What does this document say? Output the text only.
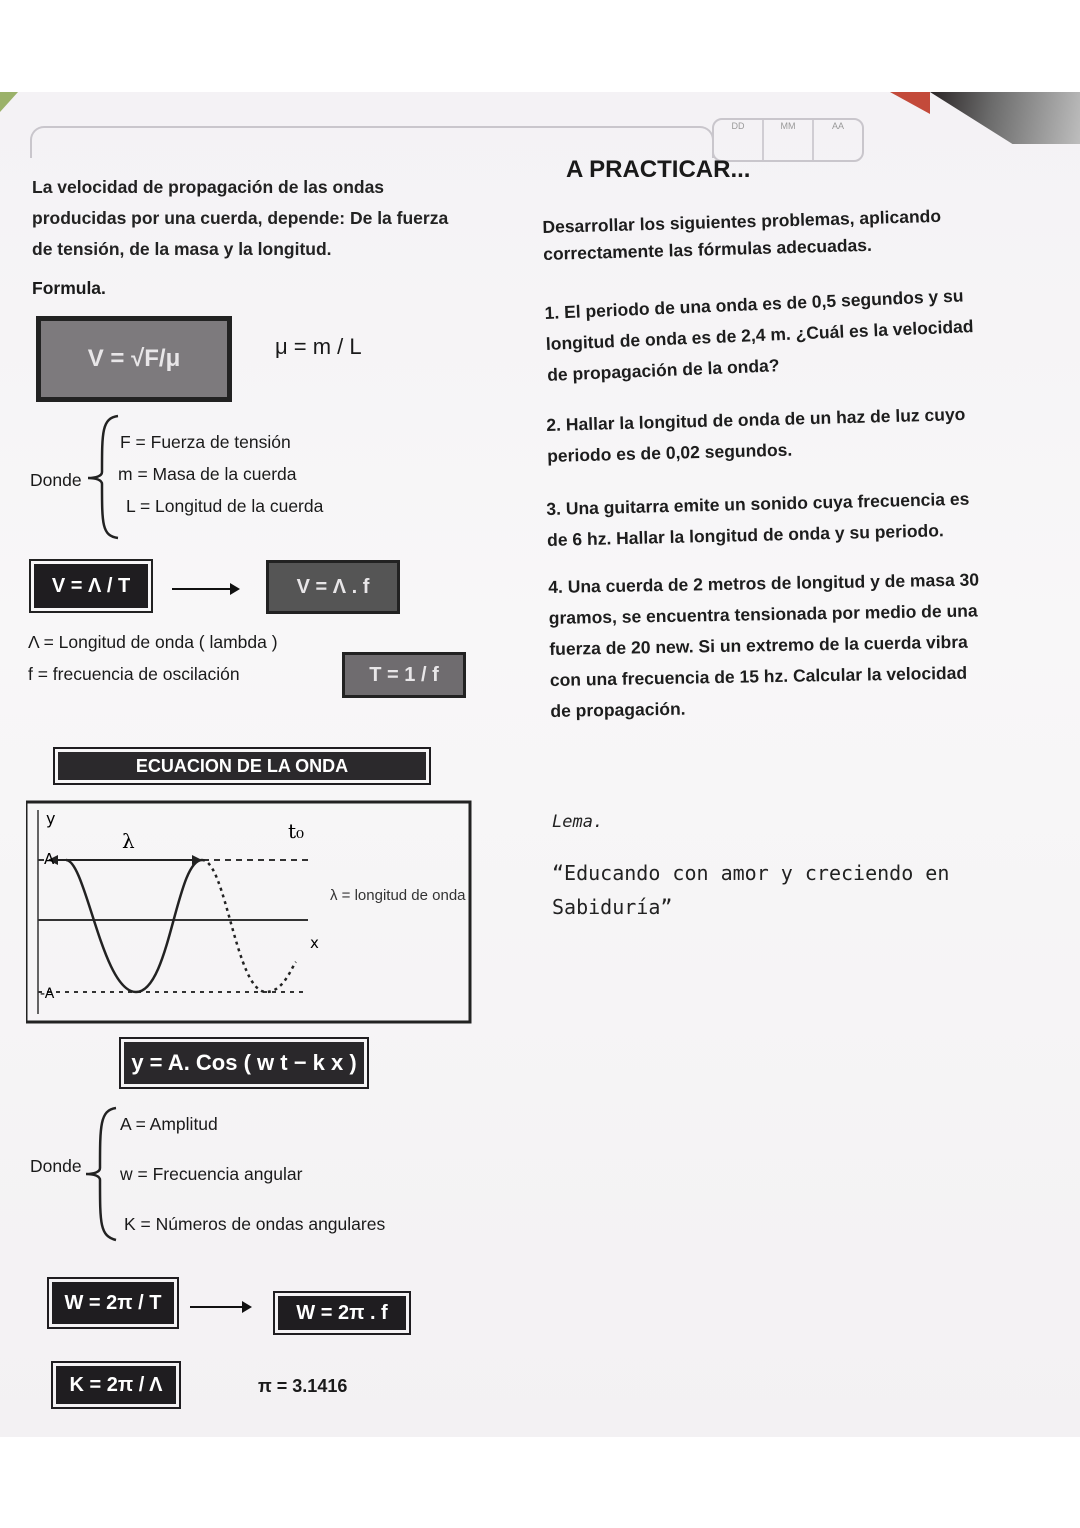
DD	MM	AA
La velocidad de propagación de las ondas
producidas por una cuerda, depende: De la fuerza
de tensión, de la masa y la longitud.
Formula.
V = √F/μ	μ = m / L
Donde
F = Fuerza de tensión
m = Masa de la cuerda
L = Longitud de la cuerda
V = Λ / T	V = Λ . f
Λ = Longitud de onda ( lambda )
f = frecuencia de oscilación	T = 1 / f
ECUACION DE LA ONDA
y
A
-A
λ	t₀
x
λ = longitud de onda
y = A. Cos ( w t − k x )
Donde
A = Amplitud
w = Frecuencia angular
K = Números de ondas angulares
W = 2π / T	W = 2π . f
K = 2π / Λ	π = 3.1416
A PRACTICAR...
Desarrollar los siguientes problemas, aplicando
correctamente las fórmulas adecuadas.
1. El periodo de una onda es de 0,5 segundos y su
longitud de onda es de 2,4 m. ¿Cuál es la velocidad
de propagación de la onda?
2. Hallar la longitud de onda de un haz de luz cuyo
periodo es de 0,02 segundos.
3. Una guitarra emite un sonido cuya frecuencia es
de 6 hz. Hallar la longitud de onda y su periodo.
4. Una cuerda de 2 metros de longitud y de masa 30
gramos, se encuentra tensionada por medio de una
fuerza de 20 new. Si un extremo de la cuerda vibra
con una frecuencia de 15 hz. Calcular la velocidad
de propagación.
Lema.
“Educando con amor y creciendo en
Sabiduría”
